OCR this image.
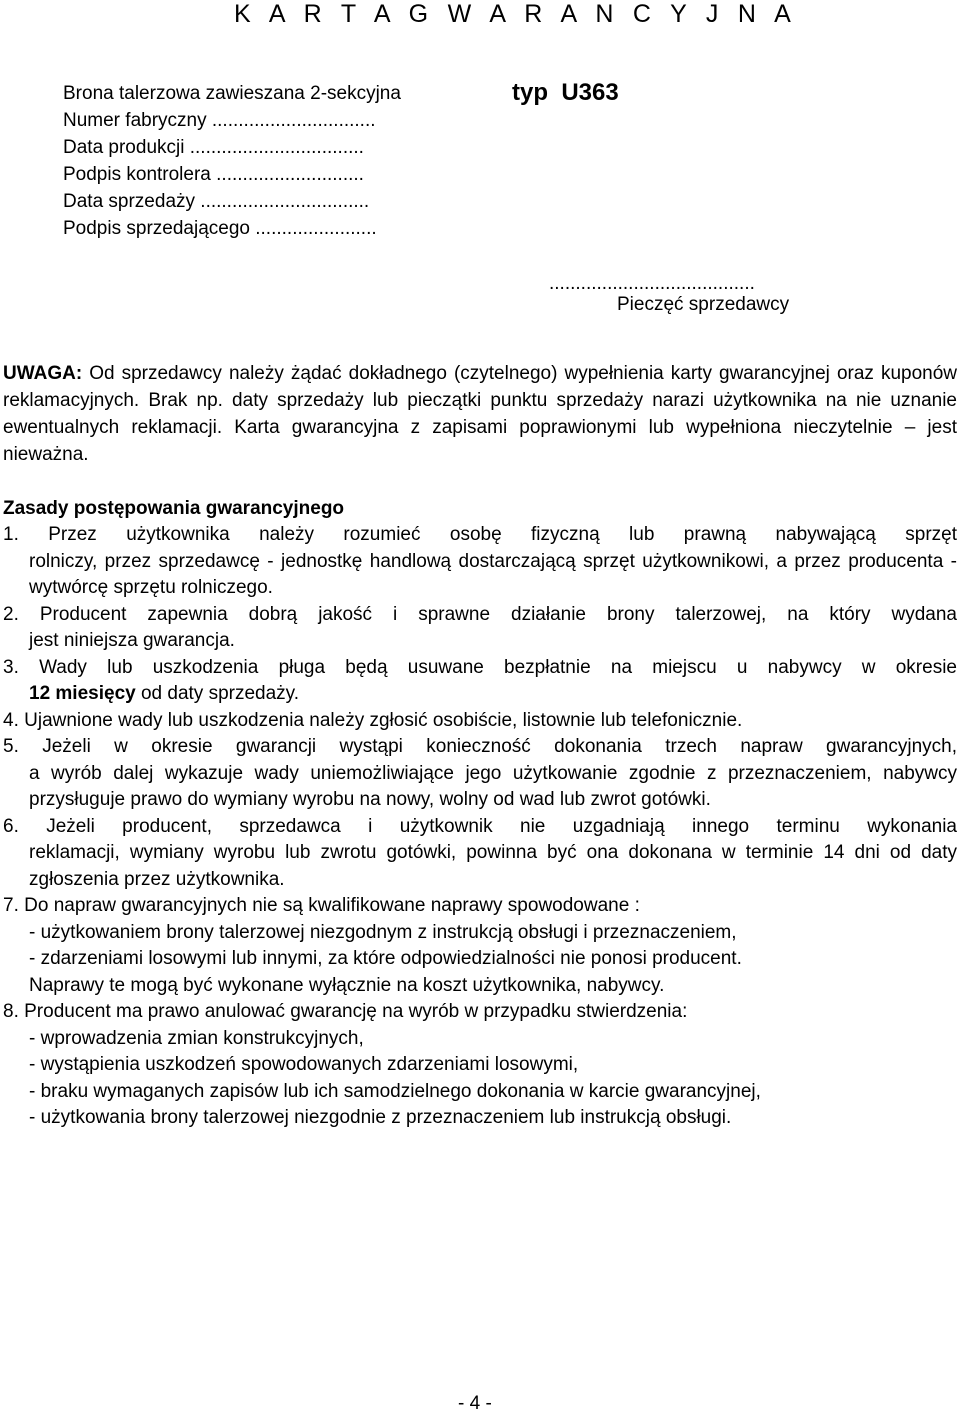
K A R T A G W A R A N C Y J N A
Brona talerzowa zawieszana 2-sekcyjna
Numer fabryczny ...............................
Data produkcji .................................
Podpis kontrolera ............................
Data sprzedaży ................................
Podpis sprzedającego .......................
typ  U363
.......................................
Pieczęć sprzedawcy
UWAGA: Od sprzedawcy należy żądać dokładnego (czytelnego) wypełnienia karty gwarancyjnej oraz kuponów reklamacyjnych. Brak np. daty sprzedaży lub pieczątki punktu sprzedaży narazi użytkownika na nie uznanie ewentualnych reklamacji. Karta gwarancyjna z zapisami poprawionymi lub wypełniona nieczytelnie – jest nieważna.
Zasady postępowania gwarancyjnego
1. Przez użytkownika należy rozumieć osobę fizyczną lub prawną nabywającą sprzęt
rolniczy, przez sprzedawcę - jednostkę handlową dostarczającą sprzęt użytkownikowi, a przez producenta - wytwórcę sprzętu rolniczego.
2. Producent zapewnia dobrą jakość i sprawne działanie brony talerzowej, na który wydana
jest niniejsza gwarancja.
3. Wady lub uszkodzenia pługa będą usuwane bezpłatnie na miejscu u nabywcy w okresie
12 miesięcy od daty sprzedaży.
4. Ujawnione wady lub uszkodzenia należy zgłosić osobiście, listownie lub telefonicznie.
5. Jeżeli w okresie gwarancji wystąpi konieczność dokonania trzech napraw gwarancyjnych,
a wyrób dalej wykazuje wady uniemożliwiające jego użytkowanie zgodnie z przeznaczeniem, nabywcy przysługuje prawo do wymiany wyrobu na nowy, wolny od wad lub zwrot gotówki.
6. Jeżeli producent, sprzedawca i użytkownik nie uzgadniają innego terminu wykonania
reklamacji, wymiany wyrobu lub zwrotu gotówki, powinna być ona dokonana w terminie 14 dni od daty zgłoszenia przez użytkownika.
7. Do napraw gwarancyjnych nie są kwalifikowane naprawy spowodowane :
- użytkowaniem brony talerzowej niezgodnym z instrukcją obsługi i przeznaczeniem,
- zdarzeniami losowymi lub innymi, za które odpowiedzialności nie ponosi producent.
Naprawy te mogą być wykonane wyłącznie na koszt użytkownika, nabywcy.
8. Producent ma prawo anulować gwarancję na wyrób w przypadku stwierdzenia:
- wprowadzenia zmian konstrukcyjnych,
- wystąpienia uszkodzeń spowodowanych zdarzeniami losowymi,
- braku wymaganych zapisów lub ich samodzielnego dokonania w karcie gwarancyjnej,
- użytkowania brony talerzowej niezgodnie z przeznaczeniem lub instrukcją obsługi.
- 4 -
